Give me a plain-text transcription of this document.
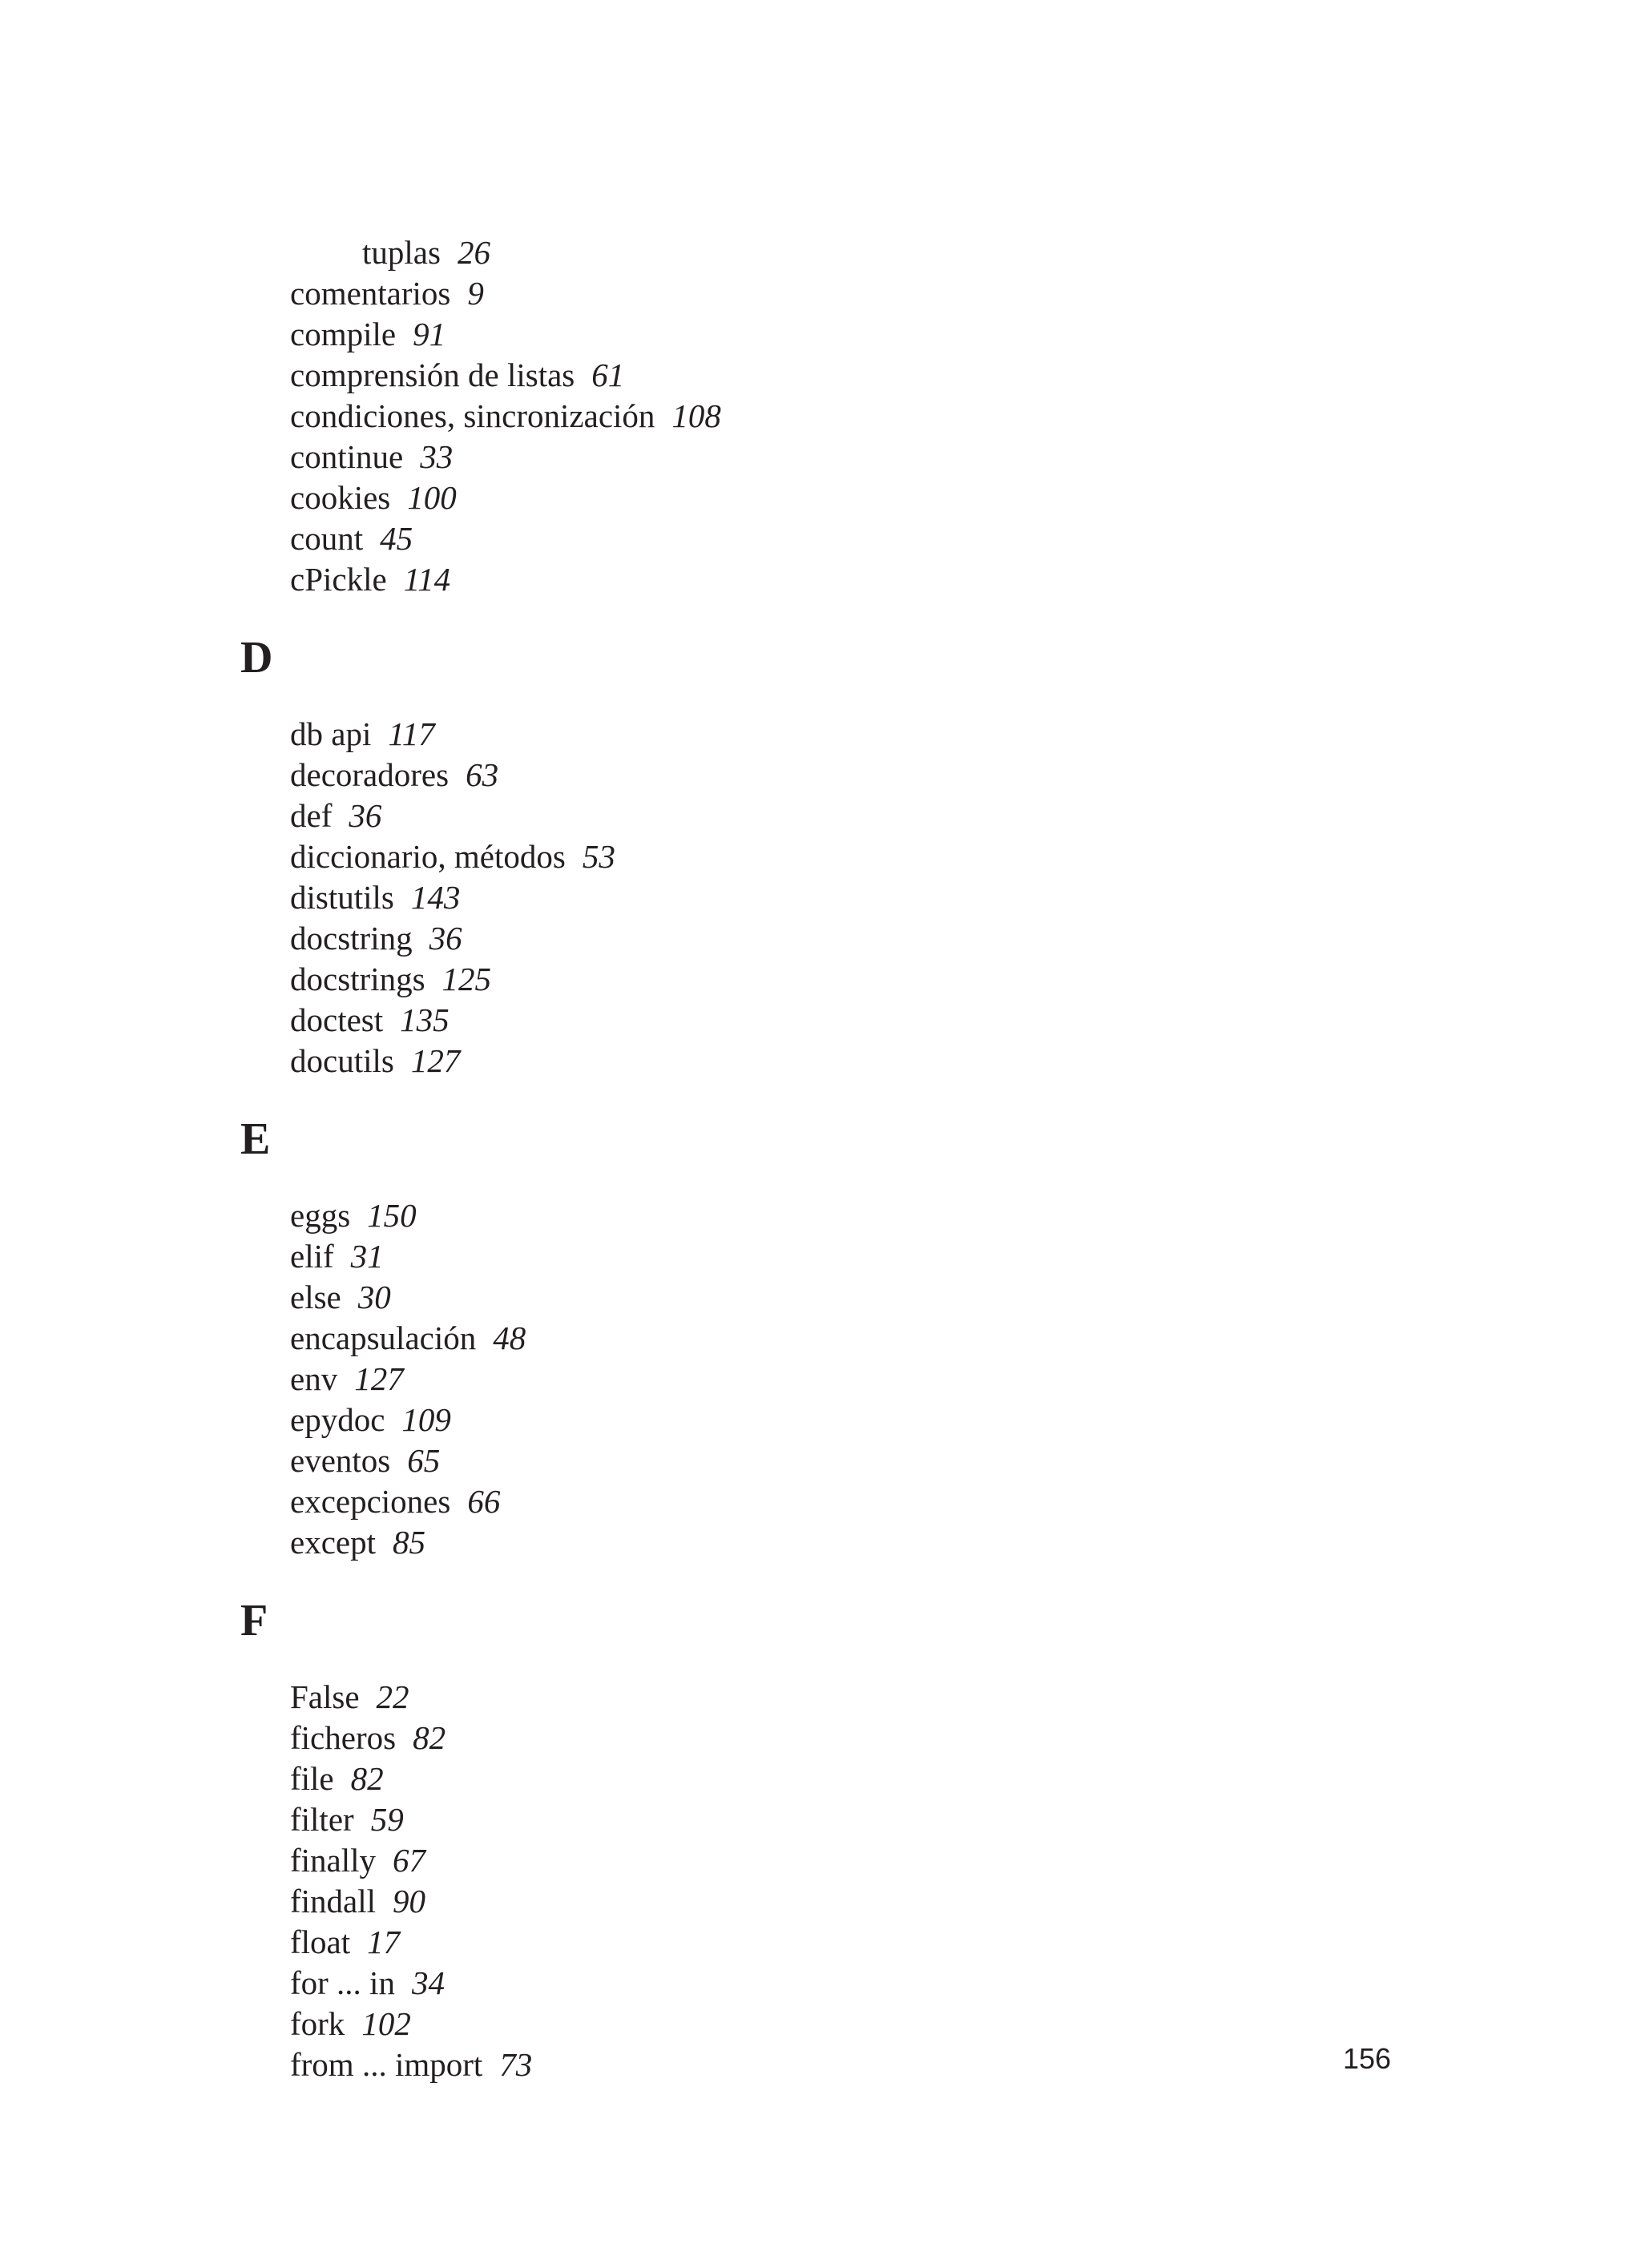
tuplas 26
comentarios 9
compile 91
comprensión de listas 61
condiciones, sincronización 108
continue 33
cookies 100
count 45
cPickle 114
D
db api 117
decoradores 63
def 36
diccionario, métodos 53
distutils 143
docstring 36
docstrings 125
doctest 135
docutils 127
E
eggs 150
elif 31
else 30
encapsulación 48
env 127
epydoc 109
eventos 65
excepciones 66
except 85
F
False 22
ficheros 82
file 82
filter 59
finally 67
findall 90
float 17
for ... in 34
fork 102
from ... import 73	156
